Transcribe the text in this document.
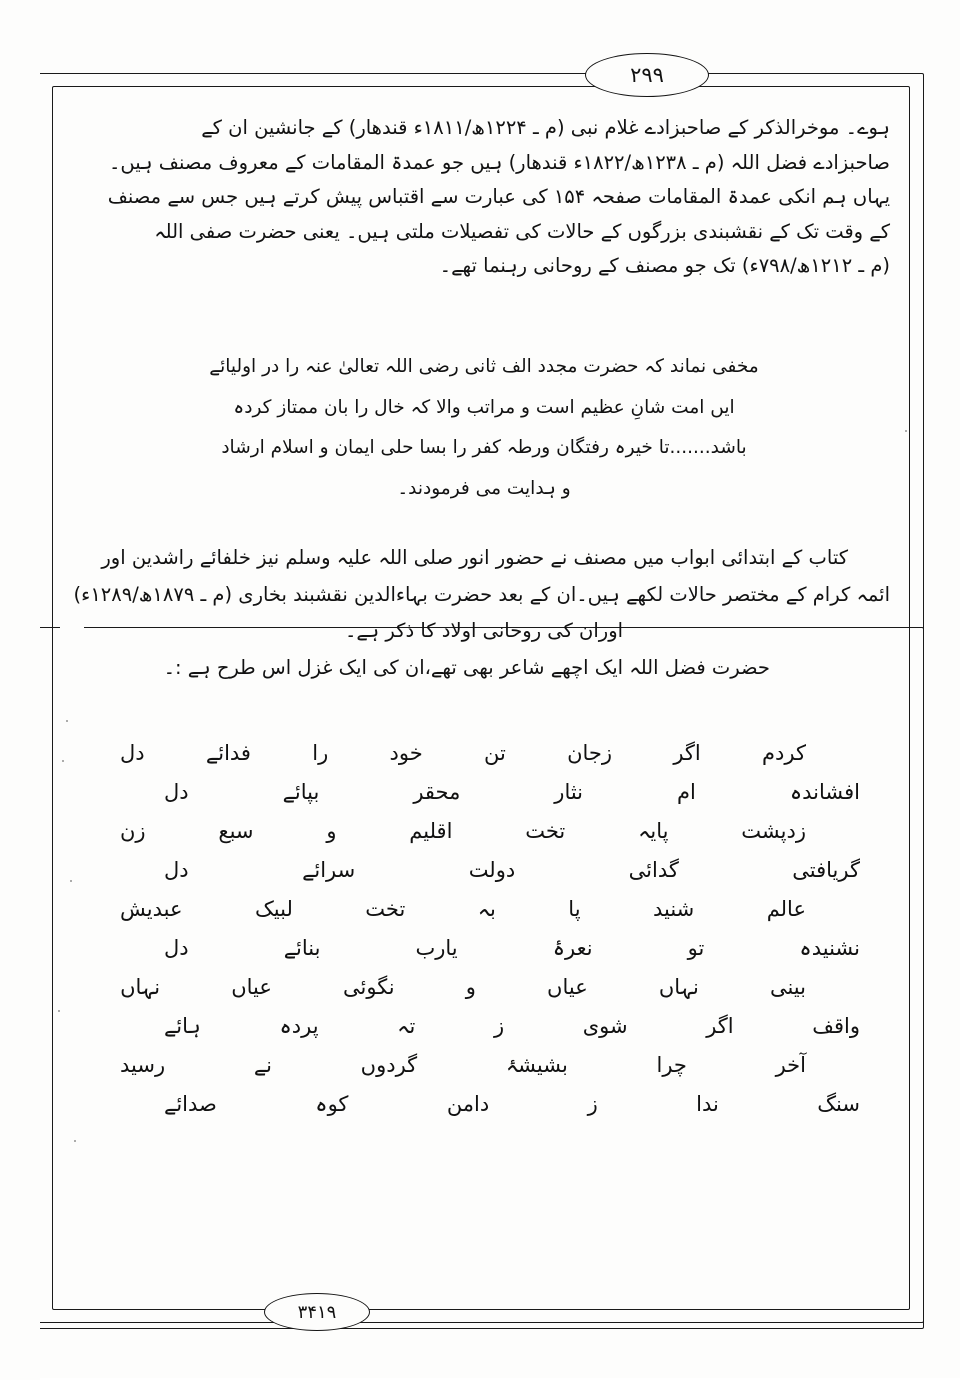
۲۹۹
۳۴۱۹

ہوے۔ موخرالذکر کے صاحبزادے غلام نبی (م ـ ۱۲۲۴ھ/۱۸۱۱ء قندھار) کے جانشین ان کے

صاحبزادے فضل اللہ (م ـ ۱۲۳۸ھ/۱۸۲۲ء قندھار) ہیں جو عمدۃ المقامات کے معروف مصنف ہیں۔

یہاں ہم انکی عمدۃ المقامات صفحہ ۱۵۴ کی عبارت سے اقتباس پیش کرتے ہیں جس سے مصنف

کے وقت تک کے نقشبندی بزرگوں کے حالات کی تفصیلات ملتی ہیں۔ یعنی حضرت صفی اللہ

(م ـ ۱۲۱۲ھ/۷۹۸ء) تک جو مصنف کے روحانی رہنما تھے۔

مخفی نماند کہ حضرت مجدد الف ثانی رضی اللہ تعالیٰ عنہ را در اولیائے

ایں امت شانِ عظیم است و مراتب والا کہ خال را بان ممتاز کردہ

باشد.......تا خیرہ رفتگان ورطہ کفر را بسا حلی ایمان و اسلام ارشاد

و ہدایت می فرمودند۔

کتاب کے ابتدائی ابواب میں مصنف نے حضور انور صلی اللہ علیہ وسلم نیز خلفائے راشدین اور

ائمہ کرام کے مختصر حالات لکھے ہیں۔ان کے بعد حضرت بہاءالدین نقشبند بخاری (م ـ ۱۸۷۹ھ/۱۲۸۹ء)

اوران کی روحانی اولاد کا ذکر ہے۔

حضرت فضل اللہ ایک اچھے شاعر بھی تھے،ان کی ایک غزل اس طرح ہے :۔

کردم
اگر
زجان
تن
خود
را
فدائے
دل
افشاندہ
ام
نثار
محقر
بپائے
دل
زدپشت
پایہ
تخت
اقلیم
و
سبع
زن
گریافتی
گدائی
دولت
سرائے
دل
عالم
شنید
پا
بہ
تخت
لبیک
عبدیش
نشنیدہ
تو
نعرۂ
یارب
بنائے
دل
بینی
نہاں
عیاں
و
نگوئی
عیاں
نہاں
واقف
اگر
شوی
ز
تہ
پردہ
ہائے
آخر
چرا
بشیشۂ
گردوں
نے
رسید
سنگ
ندا
ز
دامن
کوہ
صدائے
